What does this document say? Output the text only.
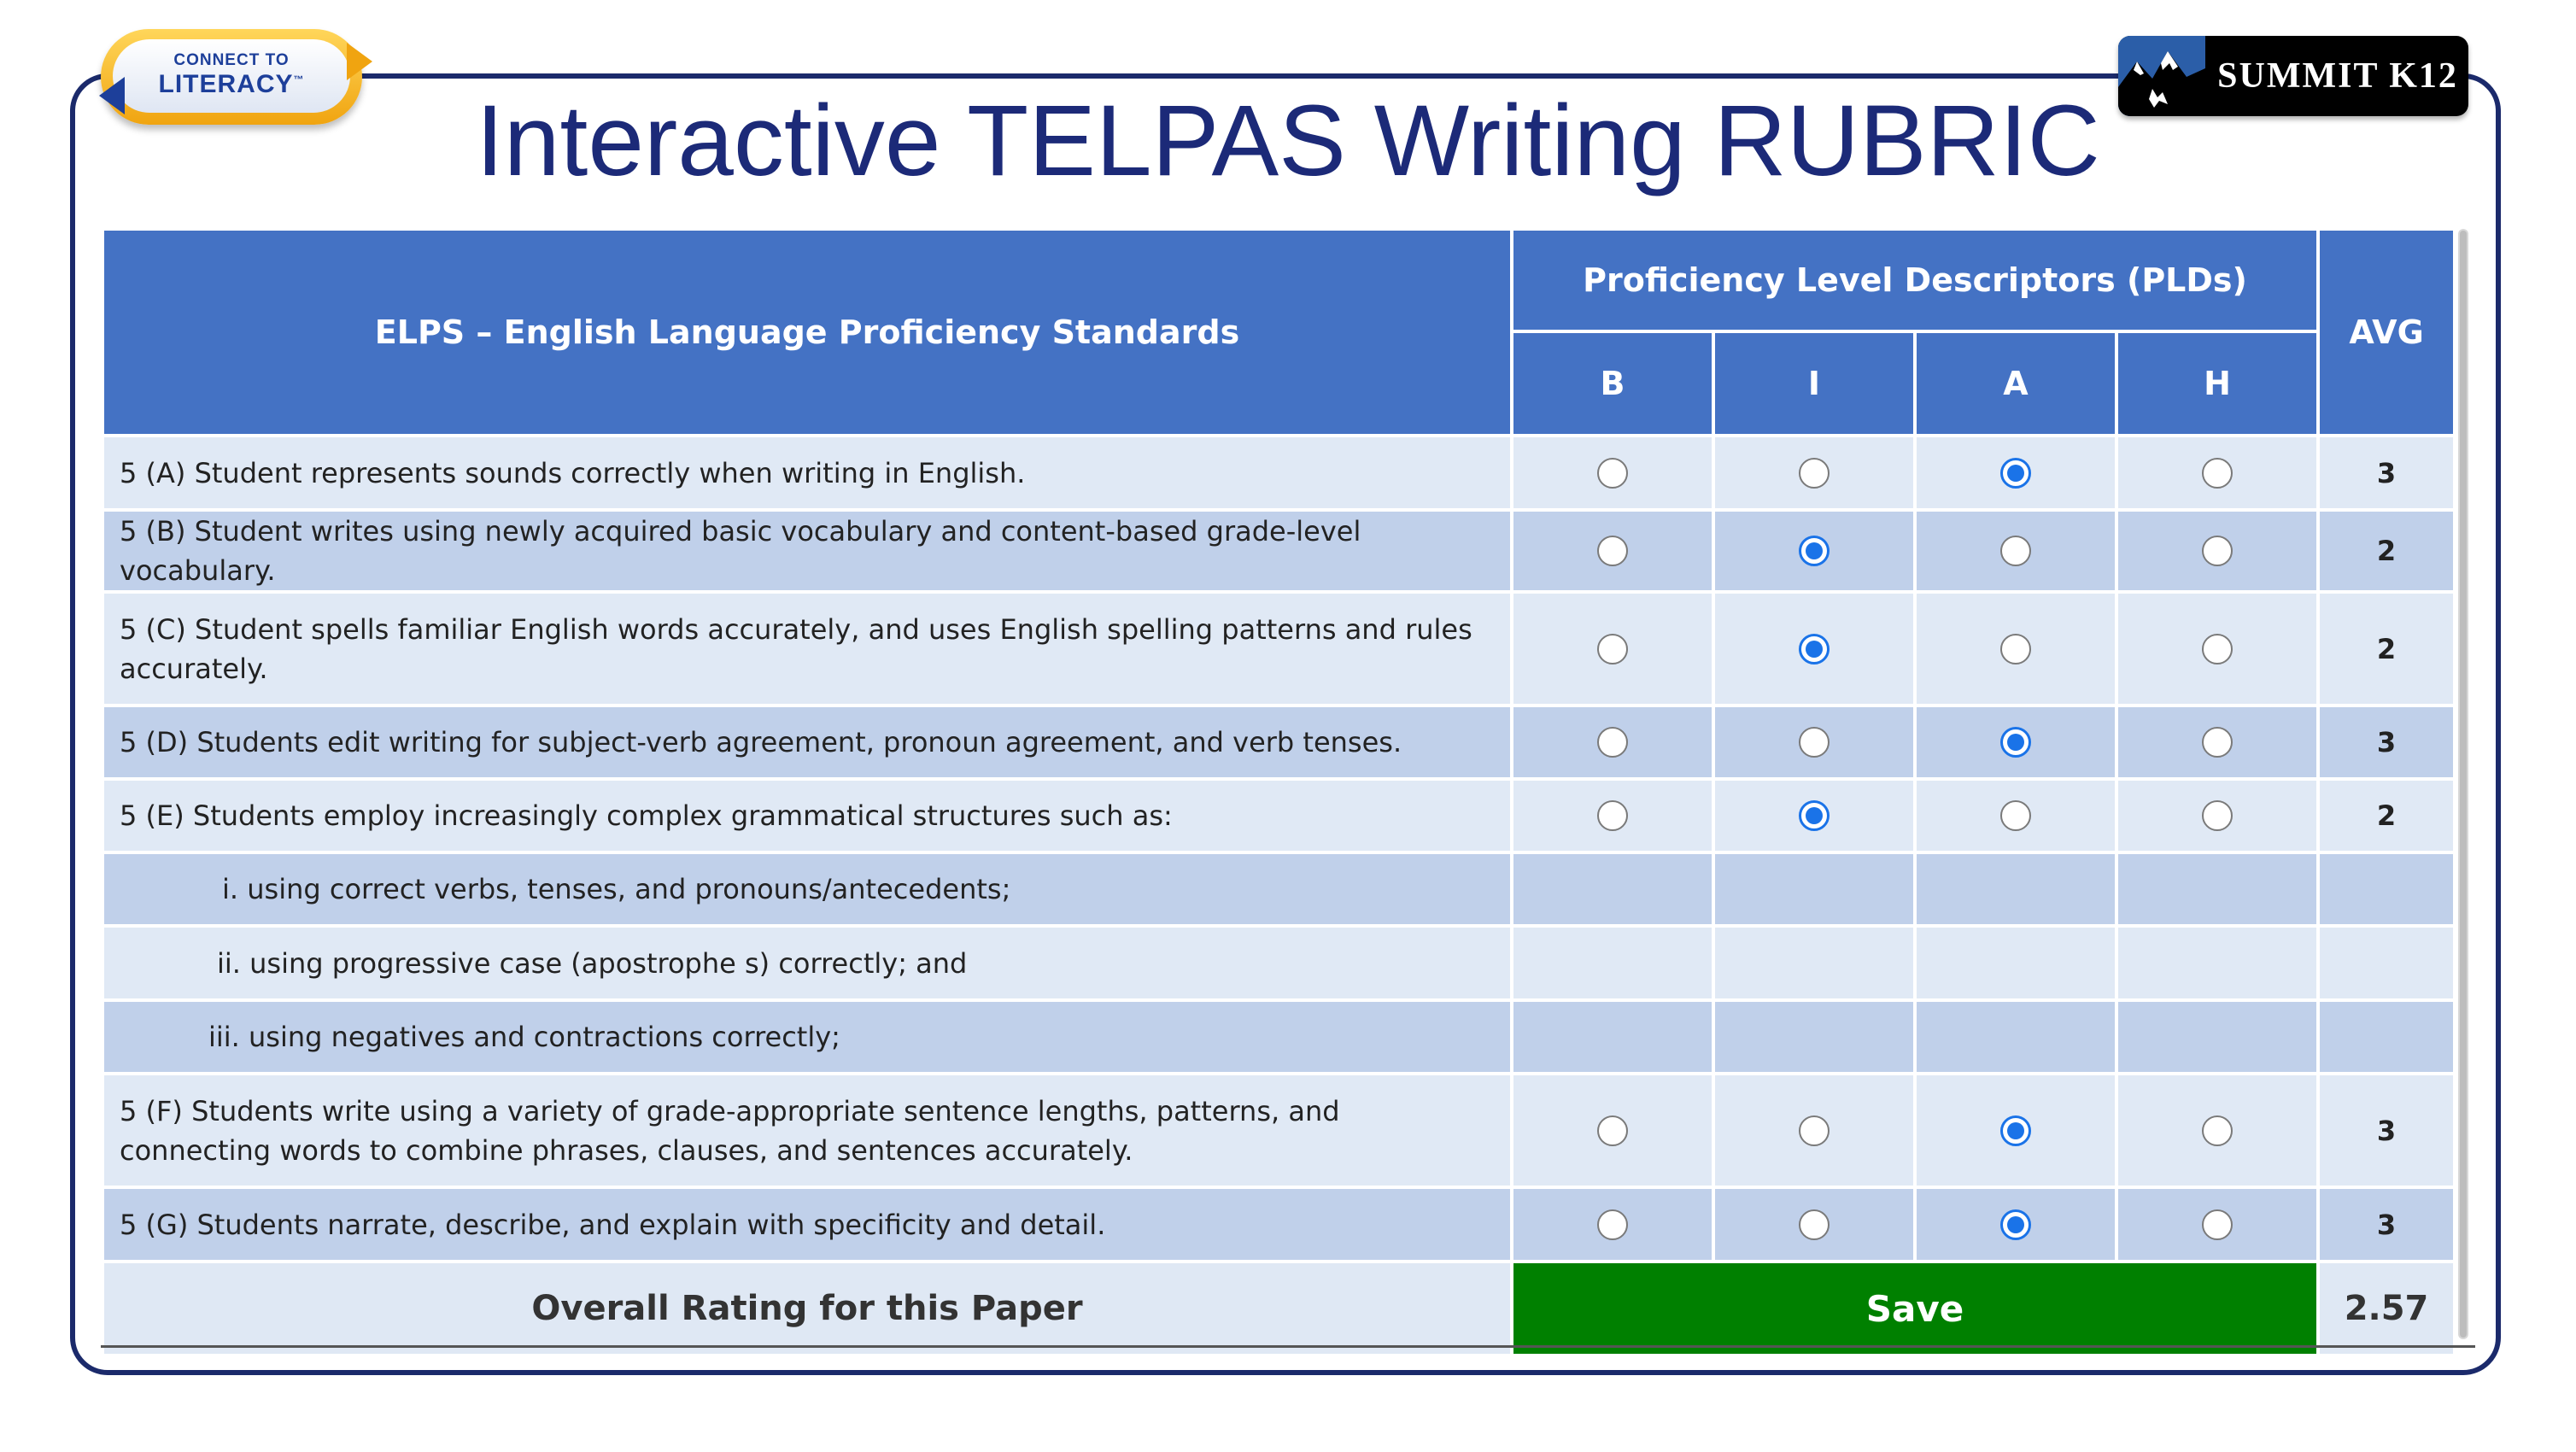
CONNECT TO
LITERACY™	SUMMIT K12
Interactive TELPAS Writing RUBRIC
ELPS – English Language Proficiency Standards	Proficiency Level Descriptors (PLDs)				AVG
	B	I	A	H	
5 (A) Student represents sounds correctly when writing in English.					3
5 (B) Student writes using newly acquired basic vocabulary and content-based grade-level vocabulary.					2
5 (C) Student spells familiar English words accurately, and uses English spelling patterns and rules accurately.					2
5 (D) Students edit writing for subject-verb agreement, pronoun agreement, and verb tenses.					3
5 (E) Students employ increasingly complex grammatical structures such as:					2
i. using correct verbs, tenses, and pronouns/antecedents;					
ii. using progressive case (apostrophe s) correctly; and					
iii. using negatives and contractions correctly;					
5 (F) Students write using a variety of grade-appropriate sentence lengths, patterns, and connecting words to combine phrases, clauses, and sentences accurately.					3
5 (G) Students narrate, describe, and explain with specificity and detail.					3
Overall Rating for this Paper	Save				2.57
